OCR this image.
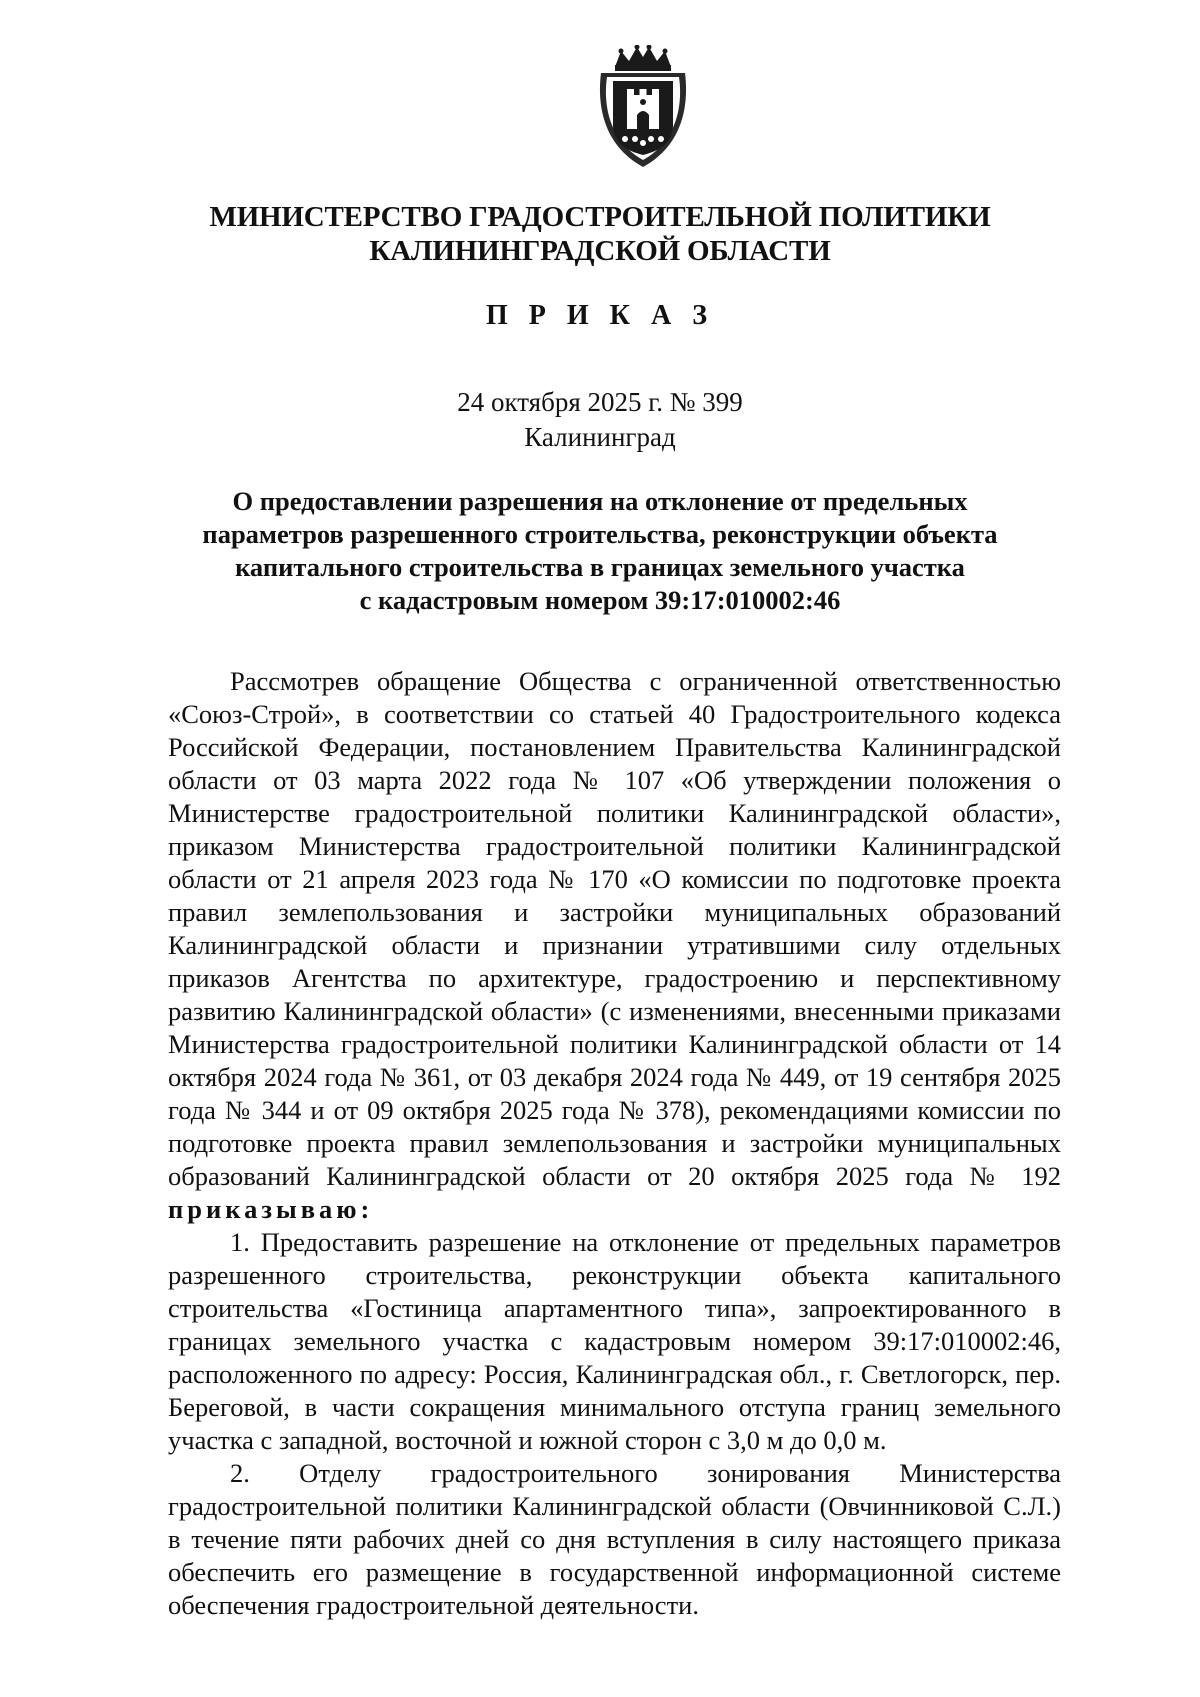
МИНИСТЕРСТВО ГРАДОСТРОИТЕЛЬНОЙ ПОЛИТИКИ
КАЛИНИНГРАДСКОЙ ОБЛАСТИ
П Р И К А З
24 октября 2025 г. № 399
Калининград
О предоставлении разрешения на отклонение от предельных
параметров разрешенного строительства, реконструкции объекта
капитального строительства в границах земельного участка
с кадастровым номером 39:17:010002:46

Рассмотрев обращение Общества с ограниченной ответственностью «Союз-Строй», в соответствии со статьей 40 Градостроительного кодекса Российской Федерации, постановлением Правительства Калининградской области от 03 марта 2022 года № 107 «Об утверждении положения о Министерстве градостроительной политики Калининградской области», приказом Министерства градостроительной политики Калининградской области от 21 апреля 2023 года № 170 «О комиссии по подготовке проекта правил землепользования и застройки муниципальных образований Калининградской области и признании утратившими силу отдельных приказов Агентства по архитектуре, градостроению и перспективному развитию Калининградской области» (с изменениями, внесенными приказами Министерства градостроительной политики Калининградской области от 14 октября 2024 года № 361, от 03 декабря 2024 года № 449, от 19 сентября 2025 года № 344 и от 09 октября 2025 года № 378), рекомендациями комиссии по подготовке проекта правил землепользования и застройки муниципальных образований Калининградской области от 20 октября 2025 года № 192 приказываю:

1. Предоставить разрешение на отклонение от предельных параметров разрешенного строительства, реконструкции объекта капитального строительства «Гостиница апартаментного типа», запроектированного в границах земельного участка с кадастровым номером 39:17:010002:46, расположенного по адресу: Россия, Калининградская обл., г. Светлогорск, пер. Береговой, в части сокращения минимального отступа границ земельного участка с западной, восточной и южной сторон с 3,0 м до 0,0 м.

2. Отделу градостроительного зонирования Министерства градостроительной политики Калининградской области (Овчинниковой С.Л.) в течение пяти рабочих дней со дня вступления в силу настоящего приказа обеспечить его размещение в государственной информационной системе обеспечения градостроительной деятельности.
